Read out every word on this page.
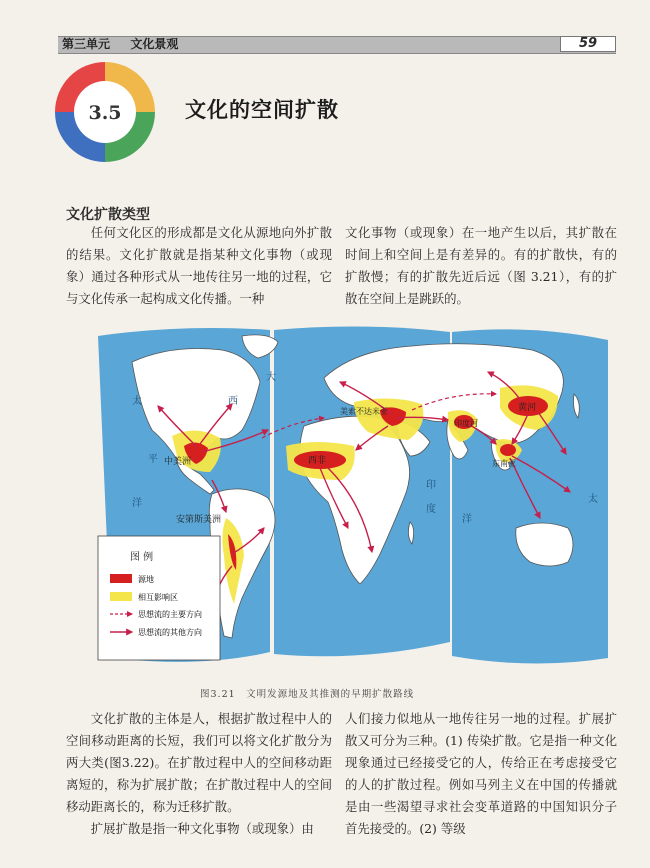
第三单元 文化景观	59
3.5	文化的空间扩散
文化扩散类型

任何文化区的形成都是文化从源地向外扩散的结果。文化扩散就是指某种文化事物（或现象）通过各种形式从一地传往另一地的过程，它与文化传承一起构成文化传播。一种

文化事物（或现象）在一地产生以后，其扩散在时间上和空间上是有差异的。有的扩散快，有的扩散慢；有的扩散先近后远（图 3.21），有的扩散在空间上是跳跃的。

中美洲
安第斯美洲
美索不达米亚
西非
印度河
黄河
东南亚
太
平
洋
西
大
印
度
洋
太
图 例
源地
相互影响区
思想流的主要方向
思想流的其他方向
图3.21　文明发源地及其推测的早期扩散路线

文化扩散的主体是人，根据扩散过程中人的空间移动距离的长短，我们可以将文化扩散分为两大类(图3.22)。在扩散过程中人的空间移动距离短的，称为扩展扩散；在扩散过程中人的空间移动距离长的，称为迁移扩散。

扩展扩散是指一种文化事物（或现象）由

人们接力似地从一地传往另一地的过程。扩展扩散又可分为三种。(1) 传染扩散。它是指一种文化现象通过已经接受它的人，传给正在考虑接受它的人的扩散过程。例如马列主义在中国的传播就是由一些渴望寻求社会变革道路的中国知识分子首先接受的。(2) 等级
